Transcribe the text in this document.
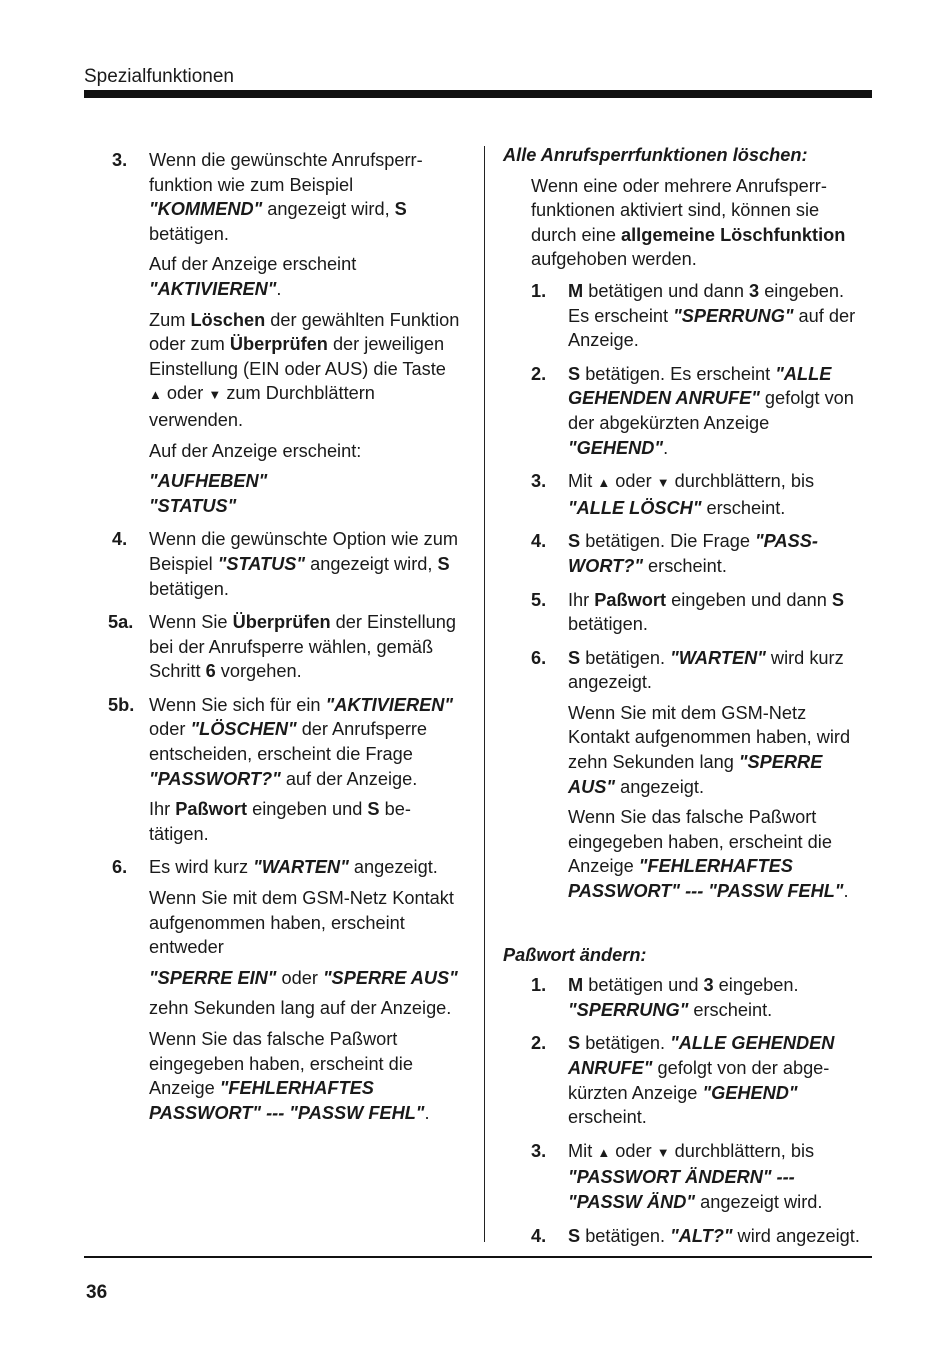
Spezialfunktionen
3. Wenn die gewünschte Anrufsperrfunktion wie zum Beispiel "KOMMEND" angezeigt wird, S betätigen.

Auf der Anzeige erscheint "AKTIVIEREN".

Zum Löschen der gewählten Funktion oder zum Überprüfen der jeweiligen Einstellung (EIN oder AUS) die Taste ▲ oder ▼ zum Durchblättern verwenden.

Auf der Anzeige erscheint:

"AUFHEBEN"
"STATUS"

4. Wenn die gewünschte Option wie zum Beispiel "STATUS" angezeigt wird, S betätigen.

5a. Wenn Sie Überprüfen der Einstellung bei der Anrufsperre wählen, gemäß Schritt 6 vorgehen.

5b. Wenn Sie sich für ein "AKTIVIEREN" oder "LÖSCHEN" der Anrufsperre entscheiden, erscheint die Frage "PASSWORT?" auf der Anzeige.

Ihr Paßwort eingeben und S betätigen.

6. Es wird kurz "WARTEN" angezeigt.

Wenn Sie mit dem GSM-Netz Kontakt aufgenommen haben, erscheint entweder

"SPERRE EIN" oder "SPERRE AUS"

zehn Sekunden lang auf der Anzeige.

Wenn Sie das falsche Paßwort eingegeben haben, erscheint die Anzeige "FEHLERHAFTES PASSWORT" --- "PASSW FEHL".

Alle Anrufsperrfunktionen löschen:

Wenn eine oder mehrere Anrufsperrfunktionen aktiviert sind, können sie durch eine allgemeine Löschfunktion aufgehoben werden.

1. M betätigen und dann 3 eingeben. Es erscheint "SPERRUNG" auf der Anzeige.

2. S betätigen. Es erscheint "ALLE GEHENDEN ANRUFE" gefolgt von der abgekürzten Anzeige "GEHEND".

3. Mit ▲ oder ▼ durchblättern, bis "ALLE LÖSCH" erscheint.

4. S betätigen. Die Frage "PASSWORT?" erscheint.

5. Ihr Paßwort eingeben und dann S betätigen.

6. S betätigen. "WARTEN" wird kurz angezeigt.

Wenn Sie mit dem GSM-Netz Kontakt aufgenommen haben, wird zehn Sekunden lang "SPERRE AUS" angezeigt.

Wenn Sie das falsche Paßwort eingegeben haben, erscheint die Anzeige "FEHLERHAFTES PASSWORT" --- "PASSW FEHL".

Paßwort ändern:

1. M betätigen und 3 eingeben. "SPERRUNG" erscheint.

2. S betätigen. "ALLE GEHENDEN ANRUFE" gefolgt von der abgekürzten Anzeige "GEHEND" erscheint.

3. Mit ▲ oder ▼ durchblättern, bis "PASSWORT ÄNDERN" --- "PASSW ÄND" angezeigt wird.

4. S betätigen. "ALT?" wird angezeigt.

36
